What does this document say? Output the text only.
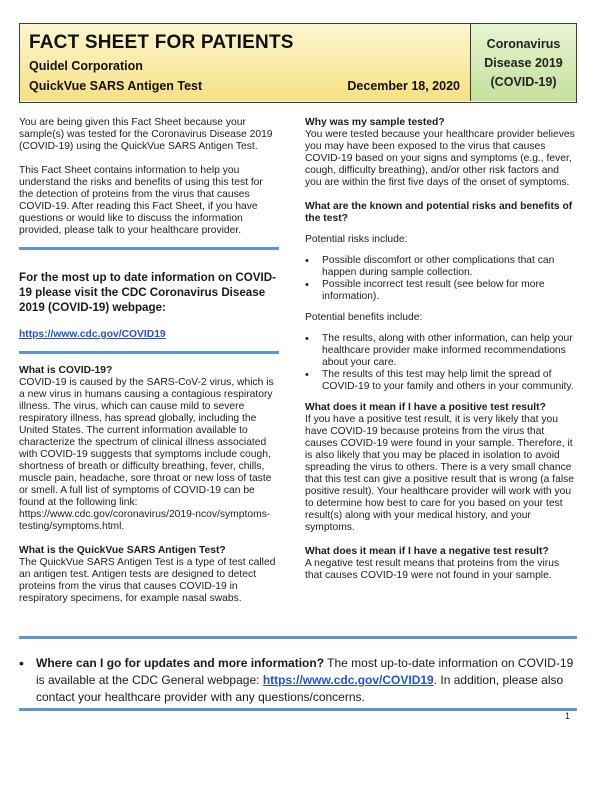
FACT SHEET FOR PATIENTS
Quidel Corporation
QuickVue SARS Antigen Test	December 18, 2020
Coronavirus
Disease 2019
(COVID-19)

You are being given this Fact Sheet because your sample(s) was tested for the Coronavirus Disease 2019 (COVID-19) using the QuickVue SARS Antigen Test.

This Fact Sheet contains information to help you understand the risks and benefits of using this test for the detection of proteins from the virus that causes COVID-19. After reading this Fact Sheet, if you have questions or would like to discuss the information provided, please talk to your healthcare provider.

For the most up to date information on COVID-19 please visit the CDC Coronavirus Disease 2019 (COVID-19) webpage:

https://www.cdc.gov/COVID19

What is COVID-19?

COVID-19 is caused by the SARS-CoV-2 virus, which is a new virus in humans causing a contagious respiratory illness. The virus, which can cause mild to severe respiratory illness, has spread globally, including the United States. The current information available to characterize the spectrum of clinical illness associated with COVID-19 suggests that symptoms include cough, shortness of breath or difficulty breathing, fever, chills, muscle pain, headache, sore throat or new loss of taste or smell. A full list of symptoms of COVID-19 can be found at the following link: https://www.cdc.gov/coronavirus/2019-ncov/symptoms-testing/symptoms.html.

What is the QuickVue SARS Antigen Test?

The QuickVue SARS Antigen Test is a type of test called an antigen test. Antigen tests are designed to detect proteins from the virus that causes COVID-19 in respiratory specimens, for example nasal swabs.

Why was my sample tested?

You were tested because your healthcare provider believes you may have been exposed to the virus that causes COVID-19 based on your signs and symptoms (e.g., fever, cough, difficulty breathing), and/or other risk factors and you are within the first five days of the onset of symptoms.

What are the known and potential risks and benefits of the test?

Potential risks include:

• Possible discomfort or other complications that can happen during sample collection.
• Possible incorrect test result (see below for more information).

Potential benefits include:

• The results, along with other information, can help your healthcare provider make informed recommendations about your care.
• The results of this test may help limit the spread of COVID-19 to your family and others in your community.

What does it mean if I have a positive test result?

If you have a positive test result, it is very likely that you have COVID-19 because proteins from the virus that causes COVID-19 were found in your sample. Therefore, it is also likely that you may be placed in isolation to avoid spreading the virus to others. There is a very small chance that this test can give a positive result that is wrong (a false positive result). Your healthcare provider will work with you to determine how best to care for you based on your test result(s) along with your medical history, and your symptoms.

What does it mean if I have a negative test result?

A negative test result means that proteins from the virus that causes COVID-19 were not found in your sample.

•	Where can I go for updates and more information? The most up-to-date information on COVID-19 is available at the CDC General webpage: https://www.cdc.gov/COVID19. In addition, please also contact your healthcare provider with any questions/concerns.
1
